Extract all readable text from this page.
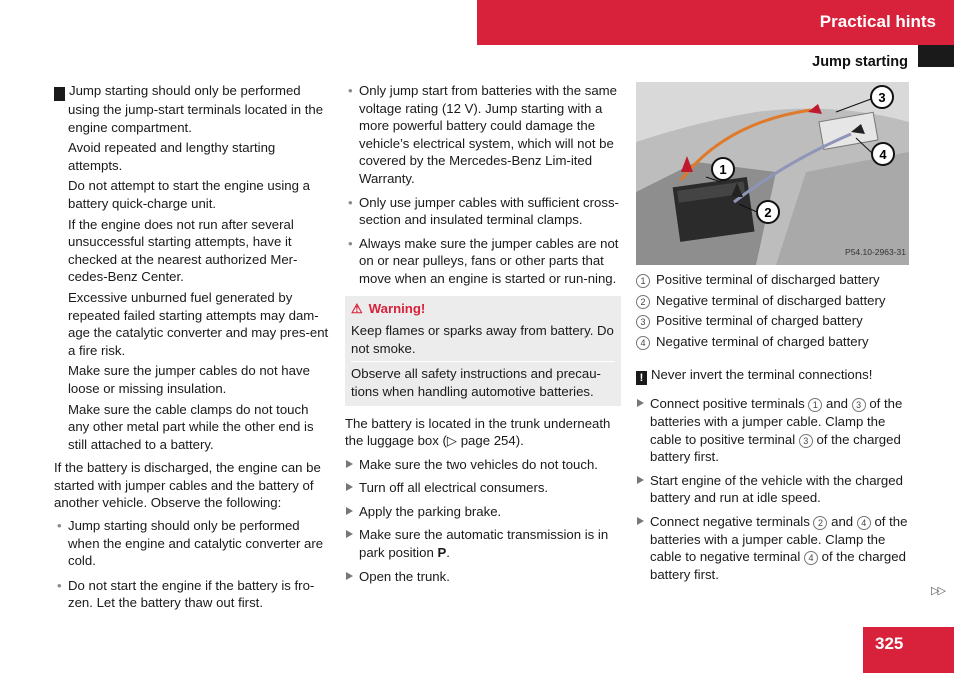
Practical hints
Jump starting

! Jump starting should only be performed using the jump-start terminals located in the engine compartment.

Avoid repeated and lengthy starting attempts.

Do not attempt to start the engine using a battery quick-charge unit.

If the engine does not run after several unsuccessful starting attempts, have it checked at the nearest authorized Mer-cedes-Benz Center.

Excessive unburned fuel generated by repeated failed starting attempts may dam-age the catalytic converter and may pres-ent a fire risk.

Make sure the jumper cables do not have loose or missing insulation.

Make sure the cable clamps do not touch any other metal part while the other end is still attached to a battery.

If the battery is discharged, the engine can be started with jumper cables and the battery of another vehicle. Observe the following:

• Jump starting should only be performed when the engine and catalytic converter are cold.

• Do not start the engine if the battery is fro-zen. Let the battery thaw out first.

• Only jump start from batteries with the same voltage rating (12 V). Jump starting with a more powerful battery could damage the vehicle’s electrical system, which will not be covered by the Mercedes-Benz Lim-ited Warranty.

• Only use jumper cables with sufficient cross-section and insulated terminal clamps.

• Always make sure the jumper cables are not on or near pulleys, fans or other parts that move when an engine is started or run-ning.

⚠ Warning!

Keep flames or sparks away from battery. Do not smoke.

Observe all safety instructions and precau-tions when handling automotive batteries.

The battery is located in the trunk underneath the luggage box (▷ page 254).

Make sure the two vehicles do not touch.

Turn off all electrical consumers.

Apply the parking brake.

Make sure the automatic transmission is in park position P.

Open the trunk.

1
2
3
4
P54.10-2963-31

1 Positive terminal of discharged battery

2 Negative terminal of discharged battery

3 Positive terminal of charged battery

4 Negative terminal of charged battery

! Never invert the terminal connections!

Connect positive terminals 1 and 3 of the batteries with a jumper cable. Clamp the cable to positive terminal 3 of the charged battery first.

Start engine of the vehicle with the charged battery and run at idle speed.

Connect negative terminals 2 and 4 of the batteries with a jumper cable. Clamp the cable to negative terminal 4 of the charged battery first.

▷▷
325
